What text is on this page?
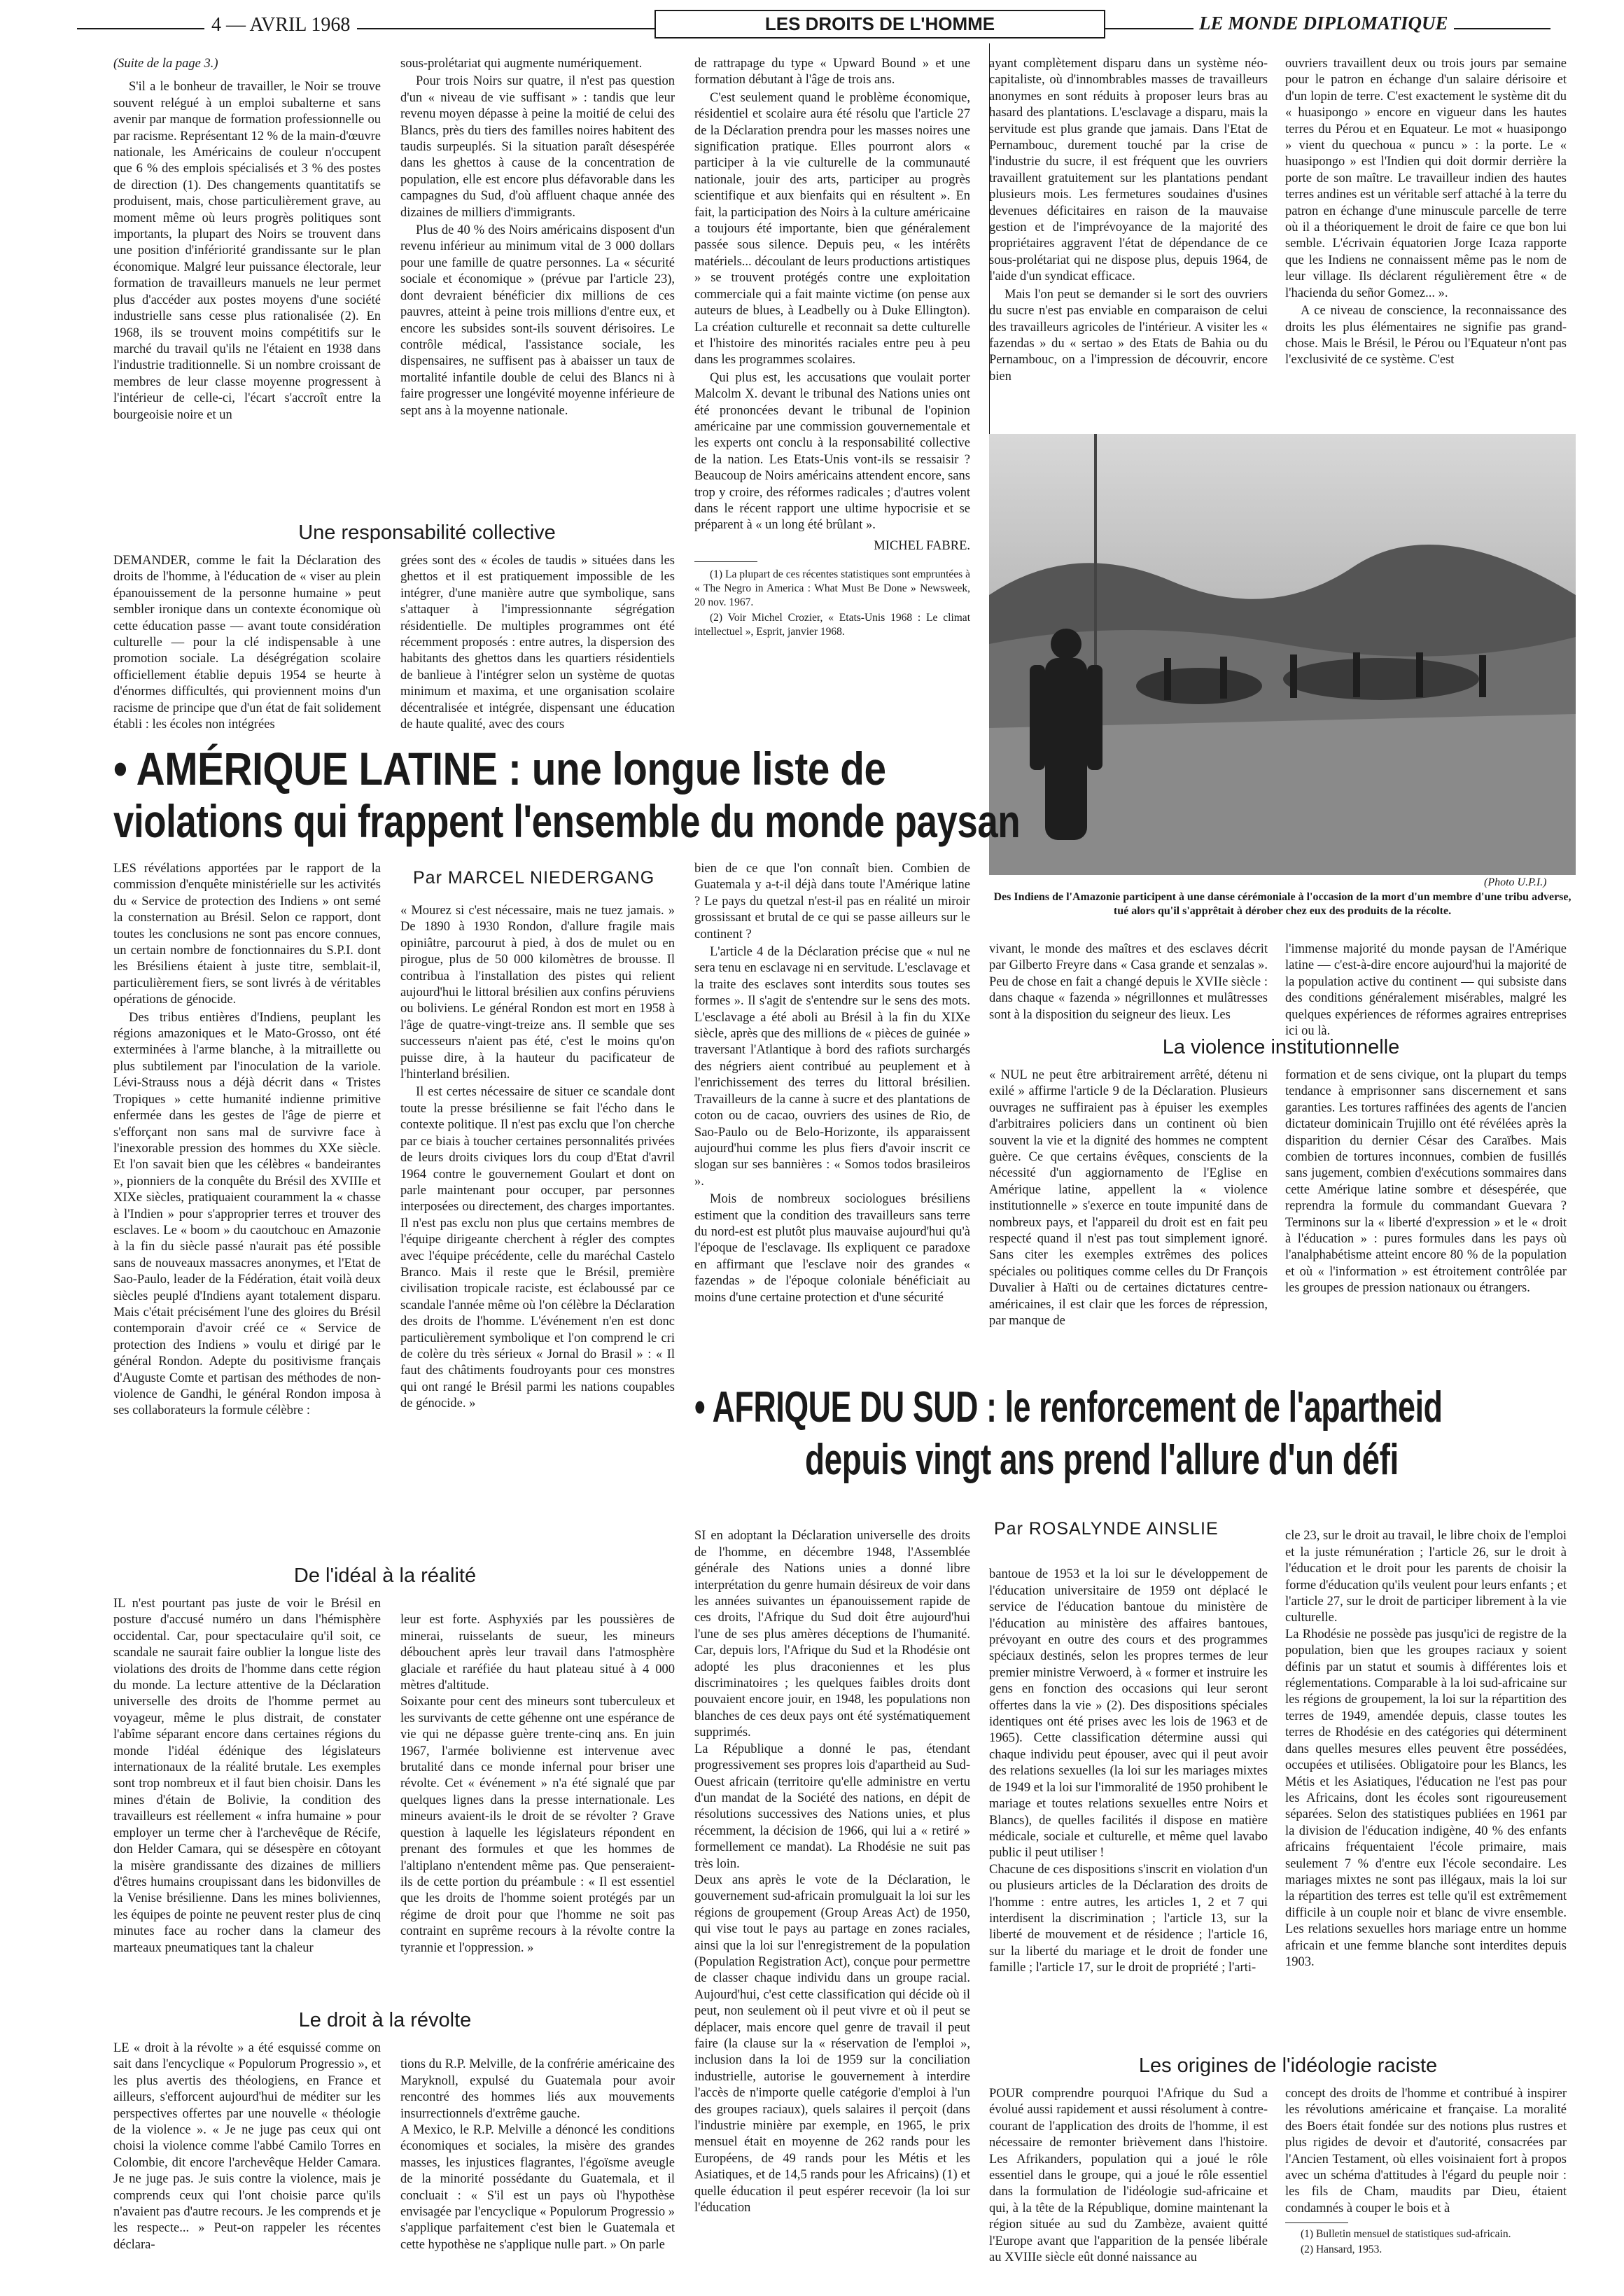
4 — AVRIL 1968	LES DROITS DE L'HOMME	LE MONDE DIPLOMATIQUE

(Suite de la page 3.)

S'il a le bonheur de travailler, le Noir se trouve souvent relégué à un emploi subalterne et sans avenir par manque de formation professionnelle ou par racisme. Représentant 12 % de la main-d'œuvre nationale, les Américains de couleur n'occupent que 6 % des emplois spécialisés et 3 % des postes de direction (1). Des changements quantitatifs se produisent, mais, chose particulièrement grave, au moment même où leurs progrès politiques sont importants, la plupart des Noirs se trouvent dans une position d'infériorité grandissante sur le plan économique. Malgré leur puissance électorale, leur formation de travailleurs manuels ne leur permet plus d'accéder aux postes moyens d'une société industrielle sans cesse plus rationalisée (2). En 1968, ils se trouvent moins compétitifs sur le marché du travail qu'ils ne l'étaient en 1938 dans l'industrie traditionnelle. Si un nombre croissant de membres de leur classe moyenne progressent à l'intérieur de celle-ci, l'écart s'accroît entre la bourgeoisie noire et un

sous-prolétariat qui augmente numériquement.

Pour trois Noirs sur quatre, il n'est pas question d'un « niveau de vie suffisant » : tandis que leur revenu moyen dépasse à peine la moitié de celui des Blancs, près du tiers des familles noires habitent des taudis surpeuplés. Si la situation paraît désespérée dans les ghettos à cause de la concentration de population, elle est encore plus défavorable dans les campagnes du Sud, d'où affluent chaque année des dizaines de milliers d'immigrants.

Plus de 40 % des Noirs américains disposent d'un revenu inférieur au minimum vital de 3 000 dollars pour une famille de quatre personnes. La « sécurité sociale et économique » (prévue par l'article 23), dont devraient bénéficier dix millions de ces pauvres, atteint à peine trois millions d'entre eux, et encore les subsides sont-ils souvent dérisoires. Le contrôle médical, l'assistance sociale, les dispensaires, ne suffisent pas à abaisser un taux de mortalité infantile double de celui des Blancs ni à faire progresser une longévité moyenne inférieure de sept ans à la moyenne nationale.

de rattrapage du type « Upward Bound » et une formation débutant à l'âge de trois ans.

C'est seulement quand le problème économique, résidentiel et scolaire aura été résolu que l'article 27 de la Déclaration prendra pour les masses noires une signification pratique. Elles pourront alors « participer à la vie culturelle de la communauté nationale, jouir des arts, participer au progrès scientifique et aux bienfaits qui en résultent ». En fait, la participation des Noirs à la culture américaine a toujours été importante, bien que généralement passée sous silence. Depuis peu, « les intérêts matériels... découlant de leurs productions artistiques » se trouvent protégés contre une exploitation commerciale qui a fait mainte victime (on pense aux auteurs de blues, à Leadbelly ou à Duke Ellington). La création culturelle et reconnait sa dette culturelle et l'histoire des minorités raciales entre peu à peu dans les programmes scolaires.

Qui plus est, les accusations que voulait porter Malcolm X. devant le tribunal des Nations unies ont été prononcées devant le tribunal de l'opinion américaine par une commission gouvernementale et les experts ont conclu à la responsabilité collective de la nation. Les Etats-Unis vont-ils se ressaisir ? Beaucoup de Noirs américains attendent encore, sans trop y croire, des réformes radicales ; d'autres volent dans le récent rapport une ultime hypocrisie et se préparent à « un long été brûlant ».

MICHEL FABRE.

(1) La plupart de ces récentes statistiques sont empruntées à « The Negro in America : What Must Be Done » Newsweek, 20 nov. 1967.

(2) Voir Michel Crozier, « Etats-Unis 1968 : Le climat intellectuel », Esprit, janvier 1968.

ayant complètement disparu dans un système néo-capitaliste, où d'innombrables masses de travailleurs anonymes en sont réduits à proposer leurs bras au hasard des plantations. L'esclavage a disparu, mais la servitude est plus grande que jamais. Dans l'Etat de Pernambouc, durement touché par la crise de l'industrie du sucre, il est fréquent que les ouvriers travaillent gratuitement sur les plantations pendant plusieurs mois. Les fermetures soudaines d'usines devenues déficitaires en raison de la mauvaise gestion et de l'imprévoyance de la majorité des propriétaires aggravent l'état de dépendance de ce sous-prolétariat qui ne dispose plus, depuis 1964, de l'aide d'un syndicat efficace.

Mais l'on peut se demander si le sort des ouvriers du sucre n'est pas enviable en comparaison de celui des travailleurs agricoles de l'intérieur. A visiter les « fazendas » du « sertao » des Etats de Bahia ou du Pernambouc, on a l'impression de découvrir, encore bien

ouvriers travaillent deux ou trois jours par semaine pour le patron en échange d'un salaire dérisoire et d'un lopin de terre. C'est exactement le système dit du « huasipongo » encore en vigueur dans les hautes terres du Pérou et en Equateur. Le mot « huasipongo » vient du quechoua « puncu » : la porte. Le « huasipongo » est l'Indien qui doit dormir derrière la porte de son maître. Le travailleur indien des hautes terres andines est un véritable serf attaché à la terre du patron en échange d'une minuscule parcelle de terre où il a théoriquement le droit de faire ce que bon lui semble. L'écrivain équatorien Jorge Icaza rapporte que les Indiens ne connaissent même pas le nom de leur village. Ils déclarent régulièrement être « de l'hacienda du señor Gomez... ».

A ce niveau de conscience, la reconnaissance des droits les plus élémentaires ne signifie pas grand-chose. Mais le Brésil, le Pérou ou l'Equateur n'ont pas l'exclusivité de ce système. C'est

Une responsabilité collective

DEMANDER, comme le fait la Déclaration des droits de l'homme, à l'éducation de « viser au plein épanouissement de la personne humaine » peut sembler ironique dans un contexte économique où cette éducation passe — avant toute considération culturelle — pour la clé indispensable à une promotion sociale. La déségrégation scolaire officiellement établie depuis 1954 se heurte à d'énormes difficultés, qui proviennent moins d'un racisme de principe que d'un état de fait solidement établi : les écoles non intégrées

grées sont des « écoles de taudis » situées dans les ghettos et il est pratiquement impossible de les intégrer, d'une manière autre que symbolique, sans s'attaquer à l'impressionnante ségrégation résidentielle. De multiples programmes ont été récemment proposés : entre autres, la dispersion des habitants des ghettos dans les quartiers résidentiels de banlieue à l'intégrer selon un système de quotas minimum et maxima, et une organisation scolaire décentralisée et intégrée, dispensant une éducation de haute qualité, avec des cours

(Photo U.P.I.)
Des Indiens de l'Amazonie participent à une danse cérémoniale à l'occasion de la mort d'un membre d'une tribu adverse, tué alors qu'il s'apprêtait à dérober chez eux des produits de la récolte.
• AMÉRIQUE LATINE : une longue liste de
violations qui frappent l'ensemble du monde paysan
Par MARCEL NIEDERGANG

LES révélations apportées par le rapport de la commission d'enquête ministérielle sur les activités du « Service de protection des Indiens » ont semé la consternation au Brésil. Selon ce rapport, dont toutes les conclusions ne sont pas encore connues, un certain nombre de fonctionnaires du S.P.I. dont les Brésiliens étaient à juste titre, semblait-il, particulièrement fiers, se sont livrés à de véritables opérations de génocide.

Des tribus entières d'Indiens, peuplant les régions amazoniques et le Mato-Grosso, ont été exterminées à l'arme blanche, à la mitraillette ou plus subtilement par l'inoculation de la variole. Lévi-Strauss nous a déjà décrit dans « Tristes Tropiques » cette humanité indienne primitive enfermée dans les gestes de l'âge de pierre et s'efforçant non sans mal de survivre face à l'inexorable pression des hommes du XXe siècle. Et l'on savait bien que les célèbres « bandeirantes », pionniers de la conquête du Brésil des XVIIIe et XIXe siècles, pratiquaient couramment la « chasse à l'Indien » pour s'approprier terres et trouver des esclaves. Le « boom » du caoutchouc en Amazonie à la fin du siècle passé n'aurait pas été possible sans de nouveaux massacres anonymes, et l'Etat de Sao-Paulo, leader de la Fédération, était voilà deux siècles peuplé d'Indiens ayant totalement disparu. Mais c'était précisément l'une des gloires du Brésil contemporain d'avoir créé ce « Service de protection des Indiens » voulu et dirigé par le général Rondon. Adepte du positivisme français d'Auguste Comte et partisan des méthodes de non-violence de Gandhi, le général Rondon imposa à ses collaborateurs la formule célèbre :

« Mourez si c'est nécessaire, mais ne tuez jamais. » De 1890 à 1930 Rondon, d'allure fragile mais opiniâtre, parcourut à pied, à dos de mulet ou en pirogue, plus de 50 000 kilomètres de brousse. Il contribua à l'installation des pistes qui relient aujourd'hui le littoral brésilien aux confins péruviens ou boliviens. Le général Rondon est mort en 1958 à l'âge de quatre-vingt-treize ans. Il semble que ses successeurs n'aient pas été, c'est le moins qu'on puisse dire, à la hauteur du pacificateur de l'hinterland brésilien.

Il est certes nécessaire de situer ce scandale dont toute la presse brésilienne se fait l'écho dans le contexte politique. Il n'est pas exclu que l'on cherche par ce biais à toucher certaines personnalités privées de leurs droits civiques lors du coup d'Etat d'avril 1964 contre le gouvernement Goulart et dont on parle maintenant pour occuper, par personnes interposées ou directement, des charges importantes. Il n'est pas exclu non plus que certains membres de l'équipe dirigeante cherchent à régler des comptes avec l'équipe précédente, celle du maréchal Castelo Branco. Mais il reste que le Brésil, première civilisation tropicale raciste, est éclaboussé par ce scandale l'année même où l'on célèbre la Déclaration des droits de l'homme. L'événement n'en est donc particulièrement symbolique et l'on comprend le cri de colère du très sérieux « Jornal do Brasil » : « Il faut des châtiments foudroyants pour ces monstres qui ont rangé le Brésil parmi les nations coupables de génocide. »

bien de ce que l'on connaît bien. Combien de Guatemala y a-t-il déjà dans toute l'Amérique latine ? Le pays du quetzal n'est-il pas en réalité un miroir grossissant et brutal de ce qui se passe ailleurs sur le continent ?

L'article 4 de la Déclaration précise que « nul ne sera tenu en esclavage ni en servitude. L'esclavage et la traite des esclaves sont interdits sous toutes ses formes ». Il s'agit de s'entendre sur le sens des mots. L'esclavage a été aboli au Brésil à la fin du XIXe siècle, après que des millions de « pièces de guinée » traversant l'Atlantique à bord des rafiots surchargés des négriers aient contribué au peuplement et à l'enrichissement des terres du littoral brésilien. Travailleurs de la canne à sucre et des plantations de coton ou de cacao, ouvriers des usines de Rio, de Sao-Paulo ou de Belo-Horizonte, ils apparaissent aujourd'hui comme les plus fiers d'avoir inscrit ce slogan sur ses bannières : « Somos todos brasileiros ».

Mois de nombreux sociologues brésiliens estiment que la condition des travailleurs sans terre du nord-est est plutôt plus mauvaise aujourd'hui qu'à l'époque de l'esclavage. Ils expliquent ce paradoxe en affirmant que l'esclave noir des grandes « fazendas » de l'époque coloniale bénéficiait au moins d'une certaine protection et d'une sécurité

vivant, le monde des maîtres et des esclaves décrit par Gilberto Freyre dans « Casa grande et senzalas ». Peu de chose en fait a changé depuis le XVIIe siècle : dans chaque « fazenda » négrillonnes et mulâtresses sont à la disposition du seigneur des lieux. Les

l'immense majorité du monde paysan de l'Amérique latine — c'est-à-dire encore aujourd'hui la majorité de la population active du continent — qui subsiste dans des conditions généralement misérables, malgré les quelques expériences de réformes agraires entreprises ici ou là.

La violence institutionnelle

« NUL ne peut être arbitrairement arrêté, détenu ni exilé » affirme l'article 9 de la Déclaration. Plusieurs ouvrages ne suffiraient pas à épuiser les exemples d'arbitraires policiers dans un continent où bien souvent la vie et la dignité des hommes ne comptent guère. Ce que certains évêques, conscients de la nécessité d'un aggiornamento de l'Eglise en Amérique latine, appellent la « violence institutionnelle » s'exerce en toute impunité dans de nombreux pays, et l'appareil du droit est en fait peu respecté quand il n'est pas tout simplement ignoré. Sans citer les exemples extrêmes des polices spéciales ou politiques comme celles du Dr François Duvalier à Haïti ou de certaines dictatures centre-américaines, il est clair que les forces de répression, par manque de

formation et de sens civique, ont la plupart du temps tendance à emprisonner sans discernement et sans garanties. Les tortures raffinées des agents de l'ancien dictateur dominicain Trujillo ont été révélées après la disparition du dernier César des Caraïbes. Mais combien de tortures inconnues, combien de fusillés sans jugement, combien d'exécutions sommaires dans cette Amérique latine sombre et désespérée, que reprendra la formule du commandant Guevara ? Terminons sur la « liberté d'expression » et le « droit à l'éducation » : pures formules dans les pays où l'analphabétisme atteint encore 80 % de la population et où « l'information » est étroitement contrôlée par les groupes de pression nationaux ou étrangers.

De l'idéal à la réalité

IL n'est pourtant pas juste de voir le Brésil en posture d'accusé numéro un dans l'hémisphère occidental. Car, pour spectaculaire qu'il soit, ce scandale ne saurait faire oublier la longue liste des violations des droits de l'homme dans cette région du monde. La lecture attentive de la Déclaration universelle des droits de l'homme permet au voyageur, même le plus distrait, de constater l'abîme séparant encore dans certaines régions du monde l'idéal édénique des législateurs internationaux de la réalité brutale. Les exemples sont trop nombreux et il faut bien choisir. Dans les mines d'étain de Bolivie, la condition des travailleurs est réellement « infra humaine » pour employer un terme cher à l'archevêque de Récife, don Helder Camara, qui se désespère en côtoyant la misère grandissante des dizaines de milliers d'êtres humains croupissant dans les bidonvilles de la Venise brésilienne. Dans les mines boliviennes, les équipes de pointe ne peuvent rester plus de cinq minutes face au rocher dans la clameur des marteaux pneumatiques tant la chaleur

leur est forte. Asphyxiés par les poussières de minerai, ruisselants de sueur, les mineurs débouchent après leur travail dans l'atmosphère glaciale et raréfiée du haut plateau situé à 4 000 mètres d'altitude.
Soixante pour cent des mineurs sont tuberculeux et les survivants de cette géhenne ont une espérance de vie qui ne dépasse guère trente-cinq ans. En juin 1967, l'armée bolivienne est intervenue avec brutalité dans ce monde infernal pour briser une révolte. Cet « événement » n'a été signalé que par quelques lignes dans la presse internationale. Les mineurs avaient-ils le droit de se révolter ? Grave question à laquelle les législateurs répondent en prenant des formules et que les hommes de l'altiplano n'entendent même pas. Que penseraient-ils de cette portion du préambule : « Il est essentiel que les droits de l'homme soient protégés par un régime de droit pour que l'homme ne soit pas contraint en suprême recours à la révolte contre la tyrannie et l'oppression. »

Le droit à la révolte

LE « droit à la révolte » a été esquissé comme on sait dans l'encyclique « Populorum Progressio », et les plus avertis des théologiens, en France et ailleurs, s'efforcent aujourd'hui de méditer sur les perspectives offertes par une nouvelle « théologie de la violence ». « Je ne juge pas ceux qui ont choisi la violence comme l'abbé Camilo Torres en Colombie, dit encore l'archevêque Helder Camara. Je ne juge pas. Je suis contre la violence, mais je comprends ceux qui l'ont choisie parce qu'ils n'avaient pas d'autre recours. Je les comprends et je les respecte... » Peut-on rappeler les récentes déclara-

tions du R.P. Melville, de la confrérie américaine des Maryknoll, expulsé du Guatemala pour avoir rencontré des hommes liés aux mouvements insurrectionnels d'extrême gauche.
A Mexico, le R.P. Melville a dénoncé les conditions économiques et sociales, la misère des grandes masses, les injustices flagrantes, l'égoïsme aveugle de la minorité possédante du Guatemala, et il concluait : « S'il est un pays où l'hypothèse envisagée par l'encyclique « Populorum Progressio » s'applique parfaitement c'est bien le Guatemala et cette hypothèse ne s'applique nulle part. » On parle

• AFRIQUE DU SUD : le renforcement de l'apartheid
depuis vingt ans prend l'allure d'un défi
Par ROSALYNDE AINSLIE

SI en adoptant la Déclaration universelle des droits de l'homme, en décembre 1948, l'Assemblée générale des Nations unies a donné libre interprétation du genre humain désireux de voir dans les années suivantes un épanouissement rapide de ces droits, l'Afrique du Sud doit être aujourd'hui l'une de ses plus amères déceptions de l'humanité. Car, depuis lors, l'Afrique du Sud et la Rhodésie ont adopté les plus draconiennes et les plus discriminatoires ; les quelques faibles droits dont pouvaient encore jouir, en 1948, les populations non blanches de ces deux pays ont été systématiquement supprimés.
La République a donné le pas, étendant progressivement ses propres lois d'apartheid au Sud-Ouest africain (territoire qu'elle administre en vertu d'un mandat de la Société des nations, en dépit de résolutions successives des Nations unies, et plus récemment, la décision de 1966, qui lui a « retiré » formellement ce mandat). La Rhodésie ne suit pas très loin.
Deux ans après le vote de la Déclaration, le gouvernement sud-africain promulguait la loi sur les régions de groupement (Group Areas Act) de 1950, qui vise tout le pays au partage en zones raciales, ainsi que la loi sur l'enregistrement de la population (Population Registration Act), conçue pour permettre de classer chaque individu dans un groupe racial. Aujourd'hui, c'est cette classification qui décide où il peut, non seulement où il peut vivre et où il peut se déplacer, mais encore quel genre de travail il peut faire (la clause sur la « réservation de l'emploi », inclusion dans la loi de 1959 sur la conciliation industrielle, autorise le gouvernement à interdire l'accès de n'importe quelle catégorie d'emploi à l'un des groupes raciaux), quels salaires il perçoit (dans l'industrie minière par exemple, en 1965, le prix mensuel était en moyenne de 262 rands pour les Européens, de 49 rands pour les Métis et les Asiatiques, et de 14,5 rands pour les Africains) (1) et quelle éducation il peut espérer recevoir (la loi sur l'éducation

bantoue de 1953 et la loi sur le développement de l'éducation universitaire de 1959 ont déplacé le service de l'éducation bantoue du ministère de l'éducation au ministère des affaires bantoues, prévoyant en outre des cours et des programmes spéciaux destinés, selon les propres termes de leur premier ministre Verwoerd, à « former et instruire les gens en fonction des occasions qui leur seront offertes dans la vie » (2). Des dispositions spéciales identiques ont été prises avec les lois de 1963 et de 1965). Cette classification détermine aussi qui chaque individu peut épouser, avec qui il peut avoir des relations sexuelles (la loi sur les mariages mixtes de 1949 et la loi sur l'immoralité de 1950 prohibent le mariage et toutes relations sexuelles entre Noirs et Blancs), de quelles facilités il dispose en matière médicale, sociale et culturelle, et même quel lavabo public il peut utiliser !
Chacune de ces dispositions s'inscrit en violation d'un ou plusieurs articles de la Déclaration des droits de l'homme : entre autres, les articles 1, 2 et 7 qui interdisent la discrimination ; l'article 13, sur la liberté de mouvement et de résidence ; l'article 16, sur la liberté du mariage et le droit de fonder une famille ; l'article 17, sur le droit de propriété ; l'arti-

cle 23, sur le droit au travail, le libre choix de l'emploi et la juste rémunération ; l'article 26, sur le droit à l'éducation et le droit pour les parents de choisir la forme d'éducation qu'ils veulent pour leurs enfants ; et l'article 27, sur le droit de participer librement à la vie culturelle.
La Rhodésie ne possède pas jusqu'ici de registre de la population, bien que les groupes raciaux y soient définis par un statut et soumis à différentes lois et réglementations. Comparable à la loi sud-africaine sur les régions de groupement, la loi sur la répartition des terres de 1949, amendée depuis, classe toutes les terres de Rhodésie en des catégories qui déterminent dans quelles mesures elles peuvent être possédées, occupées et utilisées. Obligatoire pour les Blancs, les Métis et les Asiatiques, l'éducation ne l'est pas pour les Africains, dont les écoles sont rigoureusement séparées. Selon des statistiques publiées en 1961 par la division de l'éducation indigène, 40 % des enfants africains fréquentaient l'école primaire, mais seulement 7 % d'entre eux l'école secondaire. Les mariages mixtes ne sont pas illégaux, mais la loi sur la répartition des terres est telle qu'il est extrêmement difficile à un couple noir et blanc de vivre ensemble. Les relations sexuelles hors mariage entre un homme africain et une femme blanche sont interdites depuis 1903.

Les origines de l'idéologie raciste

POUR comprendre pourquoi l'Afrique du Sud a évolué aussi rapidement et aussi résolument à contre-courant de l'application des droits de l'homme, il est nécessaire de remonter brièvement dans l'histoire. Les Afrikanders, population qui a joué le rôle essentiel dans le groupe, qui a joué le rôle essentiel dans la formulation de l'idéologie sud-africaine et qui, à la tête de la République, domine maintenant la région située au sud du Zambèze, avaient quitté l'Europe avant que l'apparition de la pensée libérale au XVIIIe siècle eût donné naissance au

concept des droits de l'homme et contribué à inspirer les révolutions américaine et française. La moralité des Boers était fondée sur des notions plus rustres et plus rigides de devoir et d'autorité, consacrées par l'Ancien Testament, où elles voisinaient fort à propos avec un schéma d'attitudes à l'égard du peuple noir : les fils de Cham, maudits par Dieu, étaient condamnés à couper le bois et à

(1) Bulletin mensuel de statistiques sud-africain.

(2) Hansard, 1953.
